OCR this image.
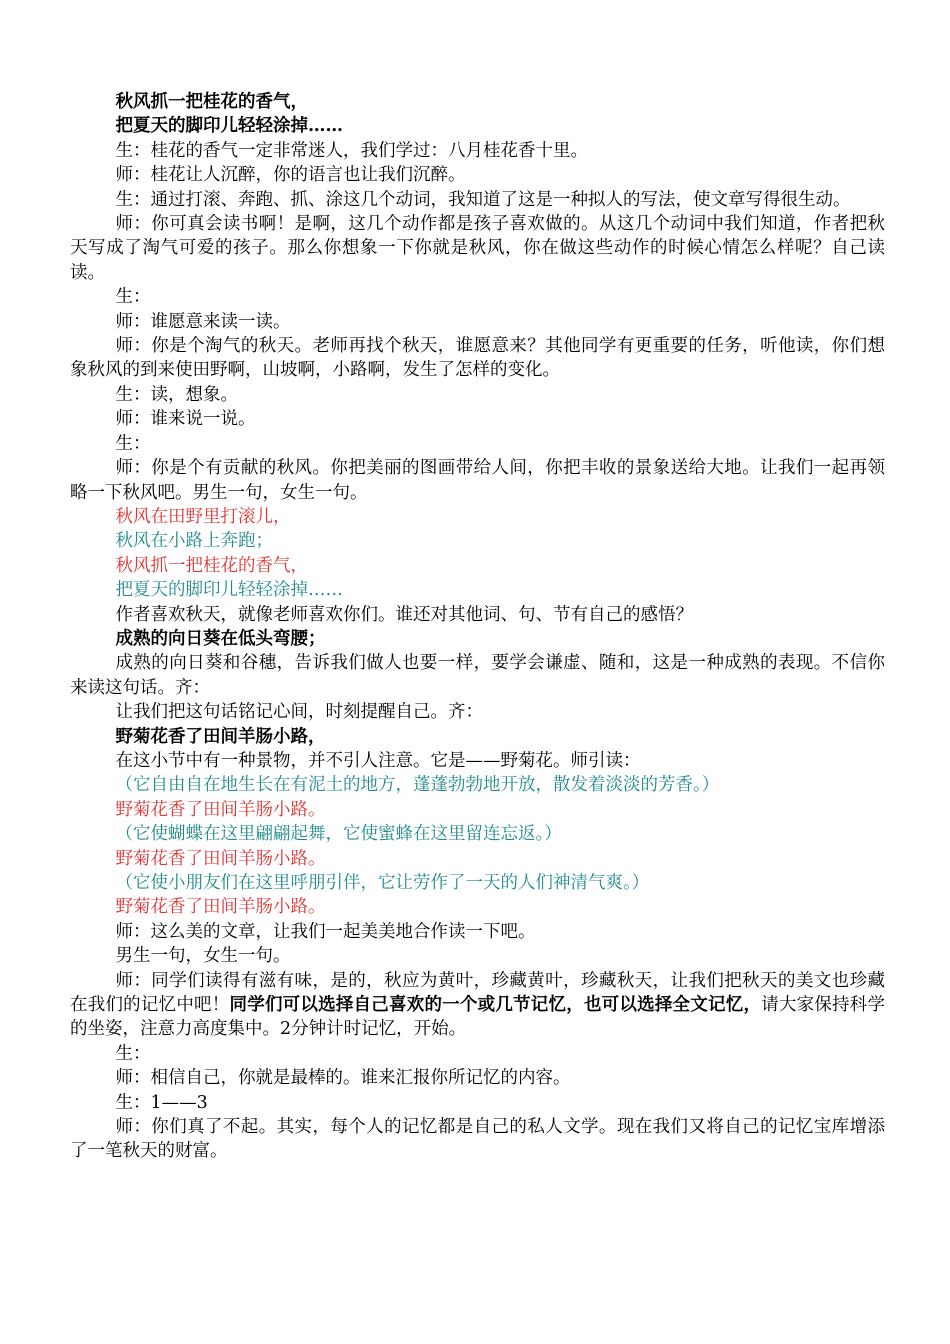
秋风抓一把桂花的香气，

把夏天的脚印儿轻轻涂掉……

生：桂花的香气一定非常迷人，我们学过：八月桂花香十里。

师：桂花让人沉醉，你的语言也让我们沉醉。

生：通过打滚、奔跑、抓、涂这几个动词，我知道了这是一种拟人的写法，使文章写得很生动。

师：你可真会读书啊！是啊，这几个动作都是孩子喜欢做的。从这几个动词中我们知道，作者把秋天写成了淘气可爱的孩子。那么你想象一下你就是秋风，你在做这些动作的时候心情怎么样呢？自己读读。

生：

师：谁愿意来读一读。

师：你是个淘气的秋天。老师再找个秋天，谁愿意来？其他同学有更重要的任务，听他读，你们想象秋风的到来使田野啊，山坡啊，小路啊，发生了怎样的变化。

生：读，想象。

师：谁来说一说。

生：

师：你是个有贡献的秋风。你把美丽的图画带给人间，你把丰收的景象送给大地。让我们一起再领略一下秋风吧。男生一句，女生一句。

秋风在田野里打滚儿，

秋风在小路上奔跑；

秋风抓一把桂花的香气，

把夏天的脚印儿轻轻涂掉……

作者喜欢秋天，就像老师喜欢你们。谁还对其他词、句、节有自己的感悟？

成熟的向日葵在低头弯腰；

成熟的向日葵和谷穗，告诉我们做人也要一样，要学会谦虚、随和，这是一种成熟的表现。不信你来读这句话。齐：

让我们把这句话铭记心间，时刻提醒自己。齐：

野菊花香了田间羊肠小路，

在这小节中有一种景物，并不引人注意。它是——野菊花。师引读：

（它自由自在地生长在有泥土的地方，蓬蓬勃勃地开放，散发着淡淡的芳香。）

野菊花香了田间羊肠小路。

（它使蝴蝶在这里翩翩起舞，它使蜜蜂在这里留连忘返。）

野菊花香了田间羊肠小路。

（它使小朋友们在这里呼朋引伴，它让劳作了一天的人们神清气爽。）

野菊花香了田间羊肠小路。

师：这么美的文章，让我们一起美美地合作读一下吧。

男生一句，女生一句。

师：同学们读得有滋有味，是的，秋应为黄叶，珍藏黄叶，珍藏秋天，让我们把秋天的美文也珍藏在我们的记忆中吧！同学们可以选择自己喜欢的一个或几节记忆，也可以选择全文记忆，请大家保持科学的坐姿，注意力高度集中。2分钟计时记忆，开始。

生：

师：相信自己，你就是最棒的。谁来汇报你所记忆的内容。

生：1——3

师：你们真了不起。其实，每个人的记忆都是自己的私人文学。现在我们又将自己的记忆宝库增添了一笔秋天的财富。
